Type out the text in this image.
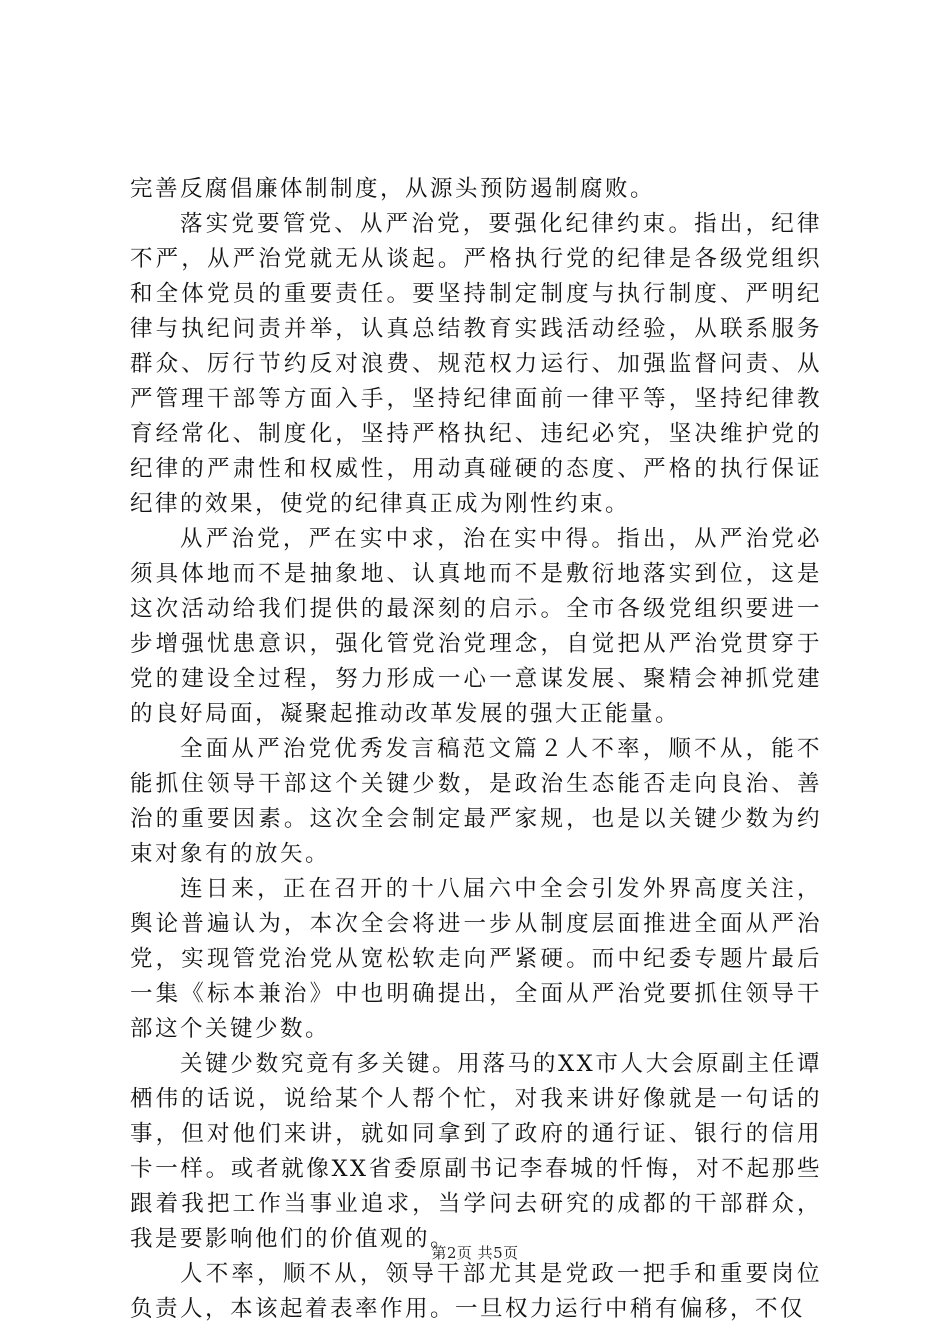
完善反腐倡廉体制制度，从源头预防遏制腐败。

落实党要管党、从严治党，要强化纪律约束。指出，纪律不严，从严治党就无从谈起。严格执行党的纪律是各级党组织和全体党员的重要责任。要坚持制定制度与执行制度、严明纪律与执纪问责并举，认真总结教育实践活动经验，从联系服务群众、厉行节约反对浪费、规范权力运行、加强监督问责、从严管理干部等方面入手，坚持纪律面前一律平等，坚持纪律教育经常化、制度化，坚持严格执纪、违纪必究，坚决维护党的纪律的严肃性和权威性，用动真碰硬的态度、严格的执行保证纪律的效果，使党的纪律真正成为刚性约束。

从严治党，严在实中求，治在实中得。指出，从严治党必须具体地而不是抽象地、认真地而不是敷衍地落实到位，这是这次活动给我们提供的最深刻的启示。全市各级党组织要进一步增强忧患意识，强化管党治党理念，自觉把从严治党贯穿于党的建设全过程，努力形成一心一意谋发展、聚精会神抓党建的良好局面，凝聚起推动改革发展的强大正能量。

全面从严治党优秀发言稿范文篇２人不率，顺不从，能不能抓住领导干部这个关键少数，是政治生态能否走向良治、善治的重要因素。这次全会制定最严家规，也是以关键少数为约束对象有的放矢。

连日来，正在召开的十八届六中全会引发外界高度关注，舆论普遍认为，本次全会将进一步从制度层面推进全面从严治党，实现管党治党从宽松软走向严紧硬。而中纪委专题片最后一集《标本兼治》中也明确提出，全面从严治党要抓住领导干部这个关键少数。

关键少数究竟有多关键。用落马的XX市人大会原副主任谭栖伟的话说，说给某个人帮个忙，对我来讲好像就是一句话的事，但对他们来讲，就如同拿到了政府的通行证、银行的信用卡一样。或者就像XX省委原副书记李春城的忏悔，对不起那些跟着我把工作当事业追求，当学问去研究的成都的干部群众，我是要影响他们的价值观的。

人不率，顺不从，领导干部尤其是党政一把手和重要岗位负责人，本该起着表率作用。一旦权力运行中稍有偏移，不仅

第2页 共5页
